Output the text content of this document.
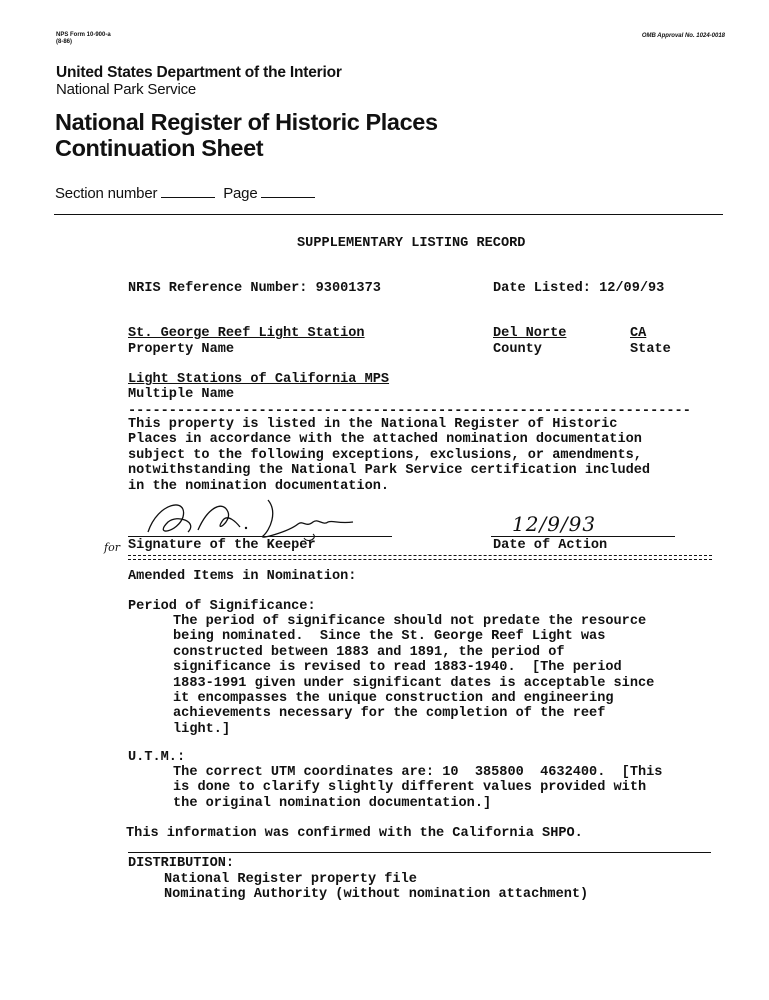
NPS Form 10-900-a
(8-86)
OMB Approval No. 1024-0018
United States Department of the Interior
National Park Service
National Register of Historic Places
Continuation Sheet
Section number	Page
SUPPLEMENTARY LISTING RECORD
NRIS Reference Number: 93001373	Date Listed: 12/09/93
St. George Reef Light Station
Property Name
Del Norte
County
CA
State
Light Stations of California MPS
Multiple Name
---------------------------------------------------------------------
This property is listed in the National Register of Historic
Places in accordance with the attached nomination documentation
subject to the following exceptions, exclusions, or amendments,
notwithstanding the National Park Service certification included
in the nomination documentation.
for Signature of the Keeper
12/9/93
Date of Action
Amended Items in Nomination:
Period of Significance:
The period of significance should not predate the resource
being nominated.  Since the St. George Reef Light was
constructed between 1883 and 1891, the period of
significance is revised to read 1883-1940.  [The period
1883-1991 given under significant dates is acceptable since
it encompasses the unique construction and engineering
achievements necessary for the completion of the reef
light.]
U.T.M.:
The correct UTM coordinates are: 10  385800  4632400.  [This
is done to clarify slightly different values provided with
the original nomination documentation.]
This information was confirmed with the California SHPO.
DISTRIBUTION:
National Register property file
Nominating Authority (without nomination attachment)
